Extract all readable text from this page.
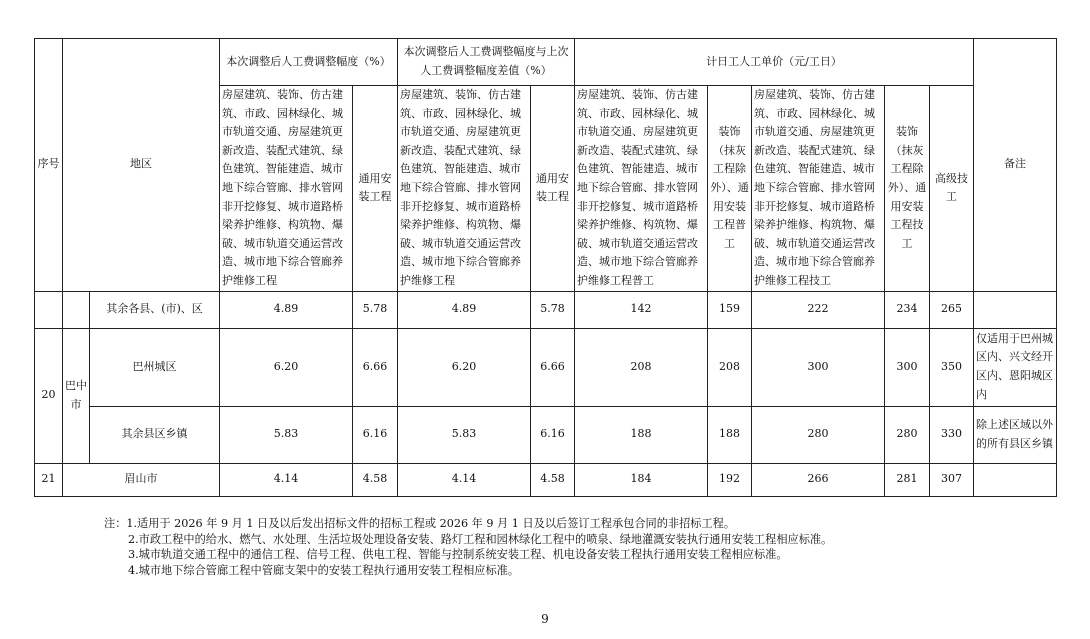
序号	地区		本次调整后人工费调整幅度（%）		本次调整后人工费调整幅度与上次人工费调整幅度差值（%）		计日工人工单价（元/工日）					备注
			房屋建筑、装饰、仿古建筑、市政、园林绿化、城市轨道交通、房屋建筑更新改造、装配式建筑、绿色建筑、智能建造、城市地下综合管廊、排水管网非开挖修复、城市道路桥梁养护维修、构筑物、爆破、城市轨道交通运营改造、城市地下综合管廊养护维修工程	通用安装工程	房屋建筑、装饰、仿古建筑、市政、园林绿化、城市轨道交通、房屋建筑更新改造、装配式建筑、绿色建筑、智能建造、城市地下综合管廊、排水管网非开挖修复、城市道路桥梁养护维修、构筑物、爆破、城市轨道交通运营改造、城市地下综合管廊养护维修工程	通用安装工程	房屋建筑、装饰、仿古建筑、市政、园林绿化、城市轨道交通、房屋建筑更新改造、装配式建筑、绿色建筑、智能建造、城市地下综合管廊、排水管网非开挖修复、城市道路桥梁养护维修、构筑物、爆破、城市轨道交通运营改造、城市地下综合管廊养护维修工程普工	装饰（抹灰工程除外）、通用安装工程普工	房屋建筑、装饰、仿古建筑、市政、园林绿化、城市轨道交通、房屋建筑更新改造、装配式建筑、绿色建筑、智能建造、城市地下综合管廊、排水管网非开挖修复、城市道路桥梁养护维修、构筑物、爆破、城市轨道交通运营改造、城市地下综合管廊养护维修工程技工	装饰（抹灰工程除外）、通用安装工程技工	高级技工	
		其余各县、(市)、区	4.89	5.78	4.89	5.78	142	159	222	234	265	
20	巴中市	巴州城区	6.20	6.66	6.20	6.66	208	208	300	300	350	仅适用于巴州城区内、兴文经开区内、恩阳城区内
		其余县区乡镇	5.83	6.16	5.83	6.16	188	188	280	280	330	除上述区域以外的所有县区乡镇
21	眉山市		4.14	4.58	4.14	4.58	184	192	266	281	307	
注：1.适用于 2026 年 9 月 1 日及以后发出招标文件的招标工程或 2026 年 9 月 1 日及以后签订工程承包合同的非招标工程。
2.市政工程中的给水、燃气、水处理、生活垃圾处理设备安装、路灯工程和园林绿化工程中的喷泉、绿地灌溉安装执行通用安装工程相应标准。
3.城市轨道交通工程中的通信工程、信号工程、供电工程、智能与控制系统安装工程、机电设备安装工程执行通用安装工程相应标准。
4.城市地下综合管廊工程中管廊支架中的安装工程执行通用安装工程相应标准。
9
